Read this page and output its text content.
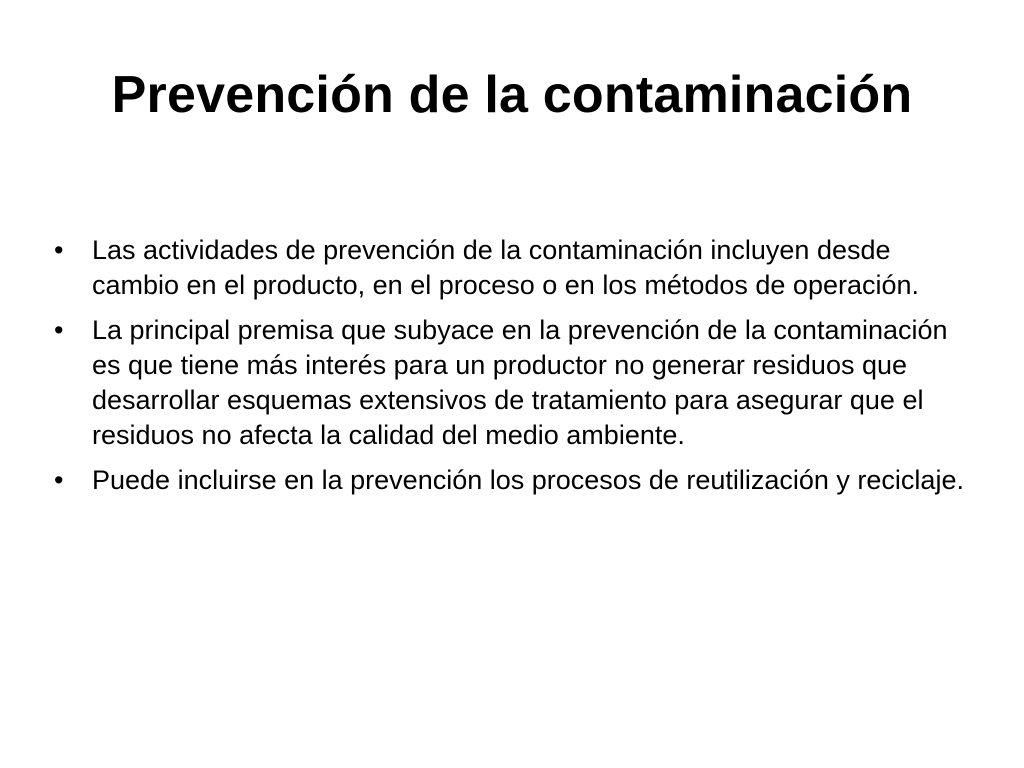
Prevención de la contaminación
•	Las actividades de prevención de la contaminación incluyen desde cambio en el producto, en el proceso o en los métodos de operación.
•	La principal premisa que subyace en la prevención de la contaminación es que tiene más interés para un productor no generar residuos que desarrollar esquemas extensivos de tratamiento para asegurar que el residuos no afecta la calidad del medio ambiente.
•	Puede incluirse en la prevención los procesos de reutilización y reciclaje.
